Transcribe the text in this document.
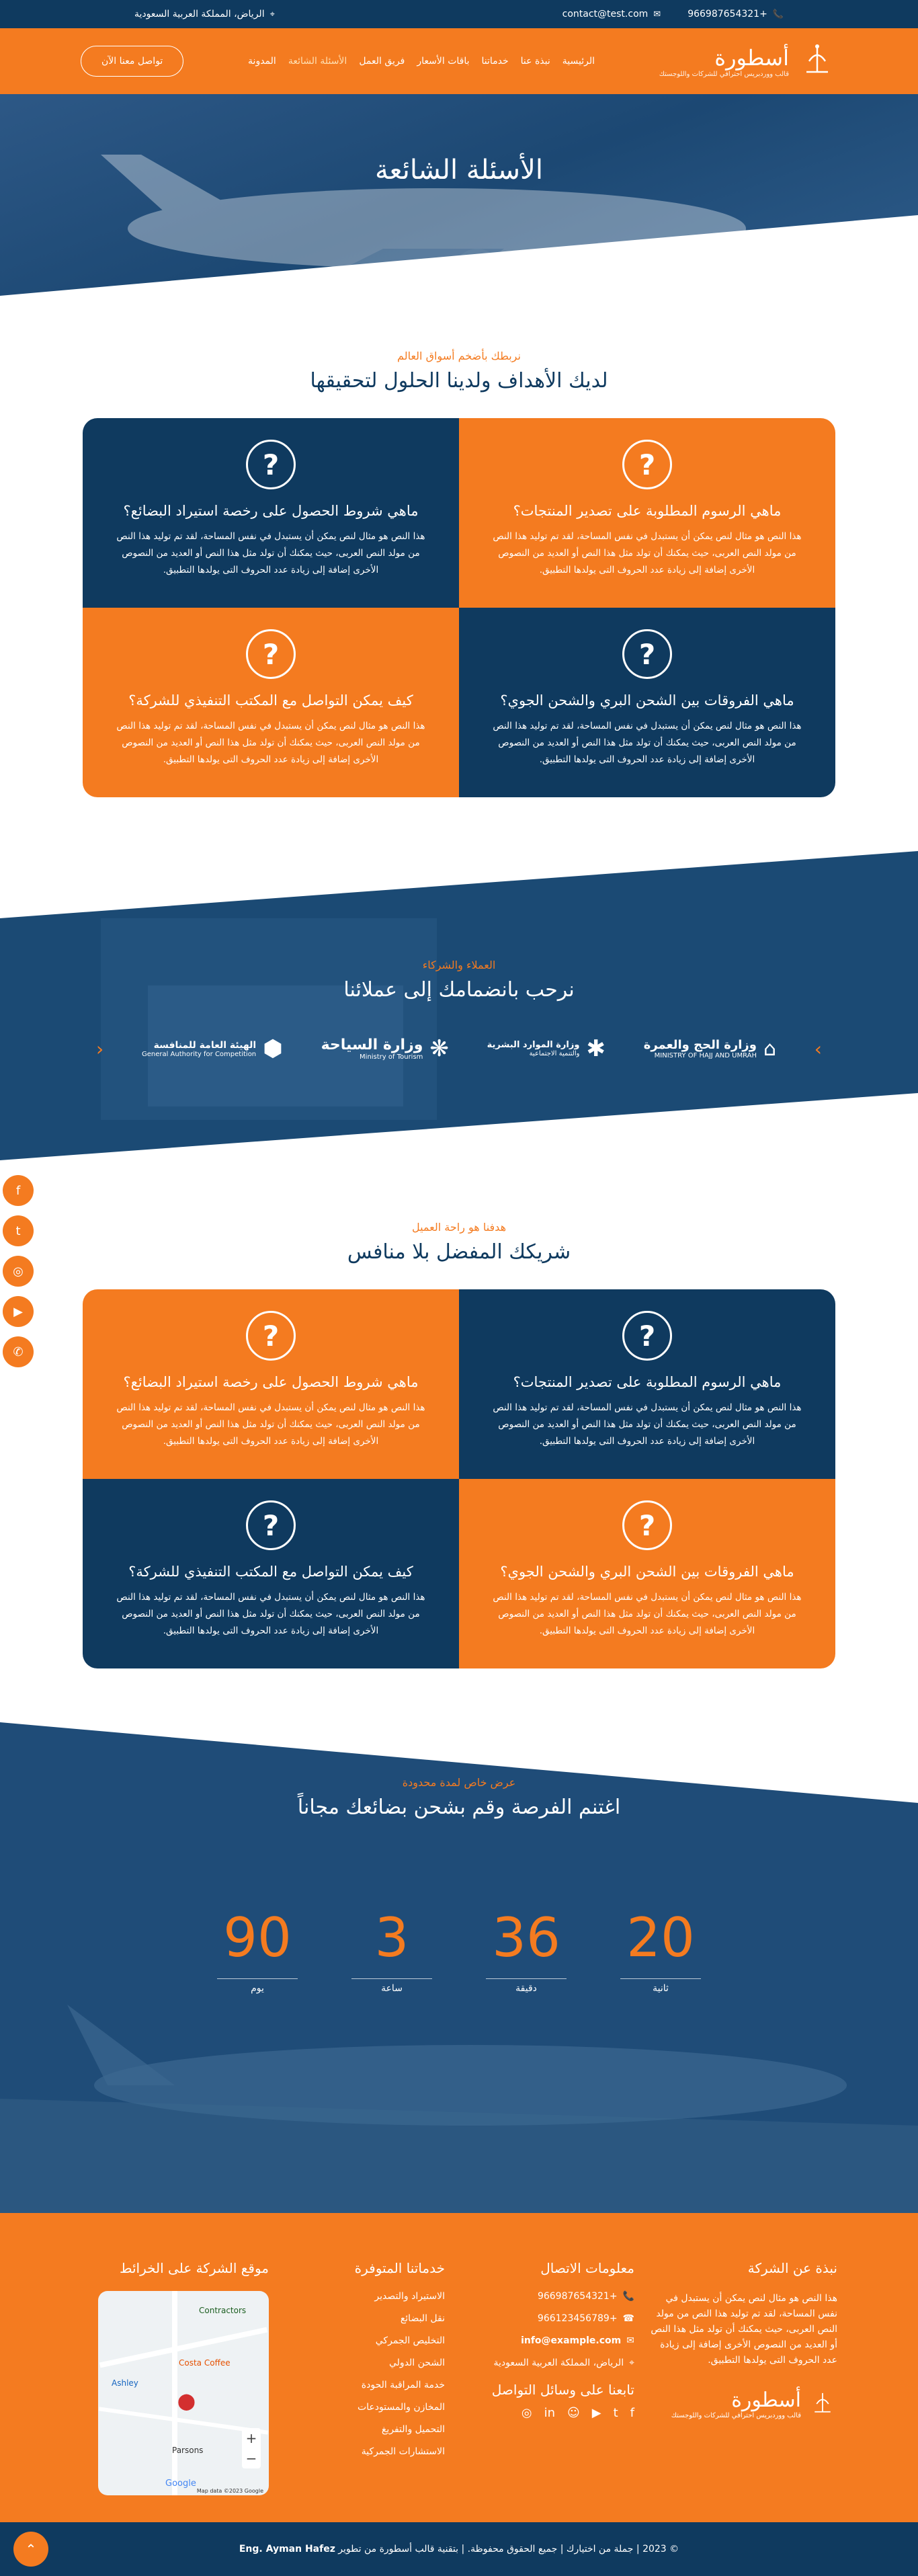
📞
+966987654321
✉
contact@test.com
⌖
الرياض، المملكة العربية السعودية
أسطورة
قالب ووردبريس احترافي للشركات واللوجستك
الرئيسية
نبذة عنا
خدماتنا
باقات الأسعار
فريق العمل
الأسئلة الشائعة
المدونة
تواصل معنا الآن
الأسئلة الشائعة
نربطك بأضخم أسواق العالم
لديك الأهداف ولدينا الحلول لتحقيقها
?
ماهي الرسوم المطلوبة على تصدير المنتجات؟

هذا النص هو مثال لنص يمكن أن يستبدل في نفس المساحة، لقد تم توليد هذا النص من مولد النص العربى، حيث يمكنك أن تولد مثل هذا النص أو العديد من النصوص الأخرى إضافة إلى زيادة عدد الحروف التى يولدها التطبيق.

?
ماهي شروط الحصول على رخصة استيراد البضائع؟

هذا النص هو مثال لنص يمكن أن يستبدل في نفس المساحة، لقد تم توليد هذا النص من مولد النص العربى، حيث يمكنك أن تولد مثل هذا النص أو العديد من النصوص الأخرى إضافة إلى زيادة عدد الحروف التى يولدها التطبيق.

?
ماهي الفروقات بين الشحن البري والشحن الجوي؟

هذا النص هو مثال لنص يمكن أن يستبدل في نفس المساحة، لقد تم توليد هذا النص من مولد النص العربى، حيث يمكنك أن تولد مثل هذا النص أو العديد من النصوص الأخرى إضافة إلى زيادة عدد الحروف التى يولدها التطبيق.

?
كيف يمكن التواصل مع المكتب التنفيذي للشركة؟

هذا النص هو مثال لنص يمكن أن يستبدل في نفس المساحة، لقد تم توليد هذا النص من مولد النص العربى، حيث يمكنك أن تولد مثل هذا النص أو العديد من النصوص الأخرى إضافة إلى زيادة عدد الحروف التى يولدها التطبيق.

العملاء والشركاء
نرحب بانضمامك إلى عملائنا
›
⌂
وزارة الحج والعمرة
MINISTRY OF HAJJ AND UMRAH
✱
وزارة الموارد البشرية
والتنمية الاجتماعية
❋
وزارة السياحة
Ministry of Tourism
⬢
الهيئة العامة للمنافسة
General Authority for Competition
‹
هدفنا هو راحة العميل
شريكك المفضل بلا منافس
?
ماهي الرسوم المطلوبة على تصدير المنتجات؟

هذا النص هو مثال لنص يمكن أن يستبدل في نفس المساحة، لقد تم توليد هذا النص من مولد النص العربى، حيث يمكنك أن تولد مثل هذا النص أو العديد من النصوص الأخرى إضافة إلى زيادة عدد الحروف التى يولدها التطبيق.

?
ماهي شروط الحصول على رخصة استيراد البضائع؟

هذا النص هو مثال لنص يمكن أن يستبدل في نفس المساحة، لقد تم توليد هذا النص من مولد النص العربى، حيث يمكنك أن تولد مثل هذا النص أو العديد من النصوص الأخرى إضافة إلى زيادة عدد الحروف التى يولدها التطبيق.

?
ماهي الفروقات بين الشحن البري والشحن الجوي؟

هذا النص هو مثال لنص يمكن أن يستبدل في نفس المساحة، لقد تم توليد هذا النص من مولد النص العربى، حيث يمكنك أن تولد مثل هذا النص أو العديد من النصوص الأخرى إضافة إلى زيادة عدد الحروف التى يولدها التطبيق.

?
كيف يمكن التواصل مع المكتب التنفيذي للشركة؟

هذا النص هو مثال لنص يمكن أن يستبدل في نفس المساحة، لقد تم توليد هذا النص من مولد النص العربى، حيث يمكنك أن تولد مثل هذا النص أو العديد من النصوص الأخرى إضافة إلى زيادة عدد الحروف التى يولدها التطبيق.

عرض خاص لمدة محدودة
اغتنم الفرصة وقم بشحن بضائعك مجاناً
20
ثانية
36
دقيقة
3
ساعة
90
يوم
نبذة عن الشركة

هذا النص هو مثال لنص يمكن أن يستبدل في نفس المساحة، لقد تم توليد هذا النص من مولد النص العربى، حيث يمكنك أن تولد مثل هذا النص أو العديد من النصوص الأخرى إضافة إلى زيادة عدد الحروف التى يولدها التطبيق.

أسطورة
قالب ووردبريس احترافي للشركات واللوجستك
معلومات الاتصال
📞
+966987654321
☎
+966123456789
✉
info@example.com
⌖
الرياض، المملكة العربية السعودية
تابعنا على وسائل التواصل
f
t
▶
☺
in
◎
خدماتنا المتوفرة
الاستيراد والتصدير
نقل البضائع
التخليص الجمركي
الشحن الدولي
خدمة المراقبة الحودة
المخازن والمستودعات
التحميل والتفريغ
الاستشارات الجمركية
موقع الشركة على الخرائط
Contractors
Costa Coffee
Ashley
Parsons
⬤
+
−
Google
Map data ©2023 Google
© 2023 | جملة من اختيارك | جميع الحقوق محفوظة. | بتقنية قالب أسطورة من تطوير

Eng. Ayman Hafez
⌃
f
t
◎
▶
✆
